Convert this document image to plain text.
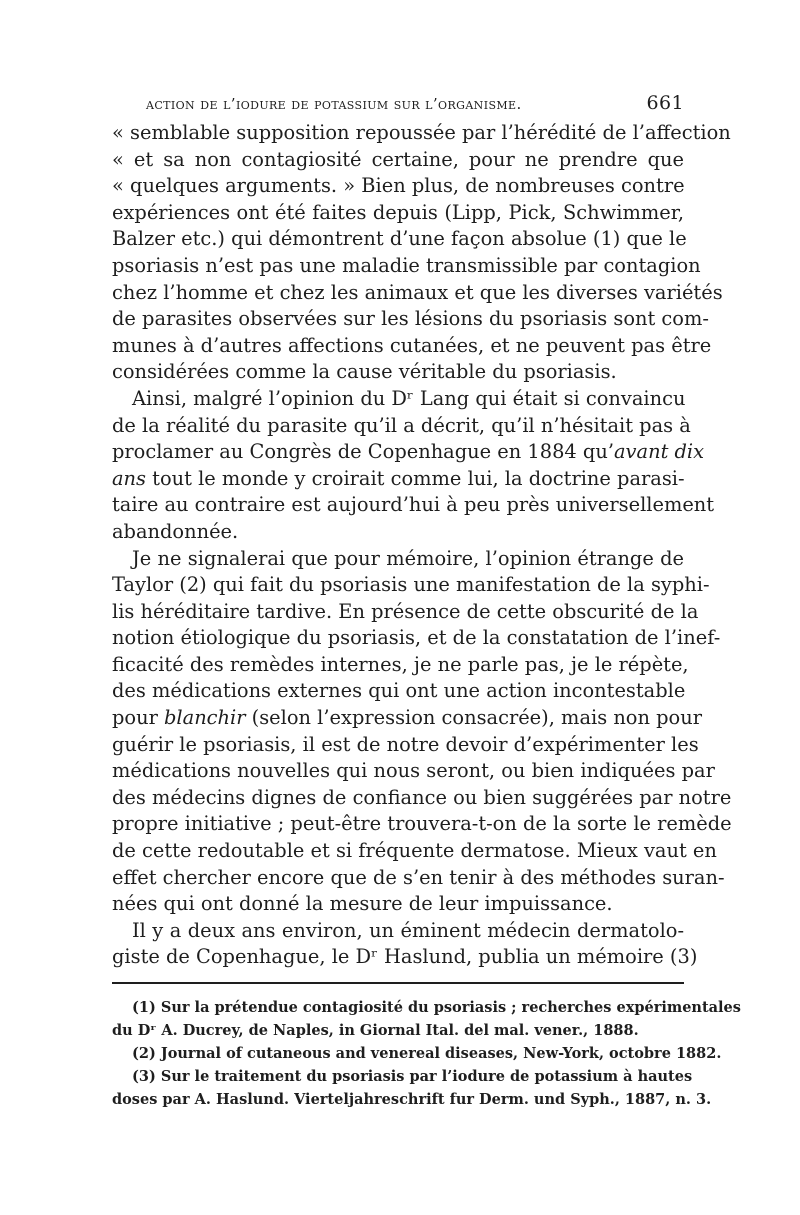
action de l’iodure de potassium sur l’organisme.	661

« semblable supposition repoussée par l’hérédité de l’affection
« et sa non contagiosité certaine, pour ne prendre que
« quelques arguments. » Bien plus, de nombreuses contre
expériences ont été faites depuis (Lipp, Pick, Schwimmer,
Balzer etc.) qui démontrent d’une façon absolue (1) que le
psoriasis n’est pas une maladie transmissible par contagion
chez l’homme et chez les animaux et que les diverses variétés
de parasites observées sur les lésions du psoriasis sont com-
munes à d’autres affections cutanées, et ne peuvent pas être
considérées comme la cause véritable du psoriasis.

Ainsi, malgré l’opinion du Dʳ Lang qui était si convaincu
de la réalité du parasite qu’il a décrit, qu’il n’hésitait pas à
proclamer au Congrès de Copenhague en 1884 qu’avant dix
ans tout le monde y croirait comme lui, la doctrine parasi-
taire au contraire est aujourd’hui à peu près universellement
abandonnée.

Je ne signalerai que pour mémoire, l’opinion étrange de
Taylor (2) qui fait du psoriasis une manifestation de la syphi-
lis héréditaire tardive. En présence de cette obscurité de la
notion étiologique du psoriasis, et de la constatation de l’inef-
ficacité des remèdes internes, je ne parle pas, je le répète,
des médications externes qui ont une action incontestable
pour blanchir (selon l’expression consacrée), mais non pour
guérir le psoriasis, il est de notre devoir d’expérimenter les
médications nouvelles qui nous seront, ou bien indiquées par
des médecins dignes de confiance ou bien suggérées par notre
propre initiative ; peut-être trouvera-t-on de la sorte le remède
de cette redoutable et si fréquente dermatose. Mieux vaut en
effet chercher encore que de s’en tenir à des méthodes suran-
nées qui ont donné la mesure de leur impuissance.

Il y a deux ans environ, un éminent médecin dermatolo-
giste de Copenhague, le Dʳ Haslund, publia un mémoire (3)

(1) Sur la prétendue contagiosité du psoriasis ; recherches expérimentales
du Dʳ A. Ducrey, de Naples, in Giornal Ital. del mal. vener., 1888.
(2) Journal of cutaneous and venereal diseases, New-York, octobre 1882.
(3) Sur le traitement du psoriasis par l’iodure de potassium à hautes
doses par A. Haslund. Vierteljahreschrift fur Derm. und Syph., 1887, n. 3.
